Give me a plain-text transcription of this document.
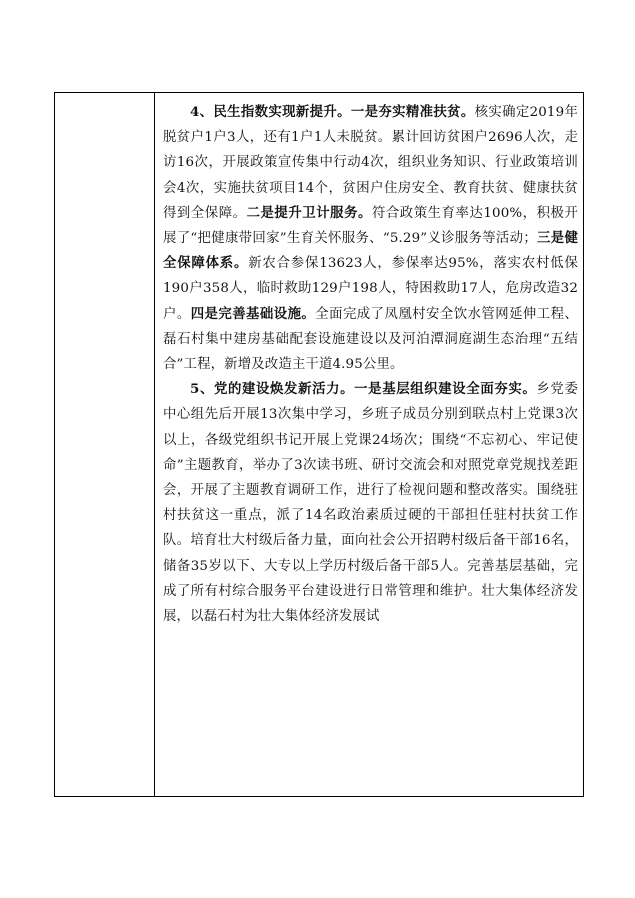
4、民生指数实现新提升。一是夯实精准扶贫。核实确定2019年脱贫户1户3人，还有1户1人未脱贫。累计回访贫困户2696人次，走访16次，开展政策宣传集中行动4次，组织业务知识、行业政策培训会4次，实施扶贫项目14个，贫困户住房安全、教育扶贫、健康扶贫得到全保障。二是提升卫计服务。符合政策生育率达100%，积极开展了“把健康带回家”生育关怀服务、“5.29”义诊服务等活动；三是健全保障体系。新农合参保13623人，参保率达95%，落实农村低保190户358人，临时救助129户198人，特困救助17人，危房改造32户。四是完善基础设施。全面完成了凤凰村安全饮水管网延伸工程、磊石村集中建房基础配套设施建设以及河泊潭洞庭湖生态治理“五结合”工程，新增及改造主干道4.95公里。

5、党的建设焕发新活力。一是基层组织建设全面夯实。乡党委中心组先后开展13次集中学习，乡班子成员分别到联点村上党课3次以上，各级党组织书记开展上党课24场次；围绕“不忘初心、牢记使命”主题教育，举办了3次读书班、研讨交流会和对照党章党规找差距会，开展了主题教育调研工作，进行了检视问题和整改落实。围绕驻村扶贫这一重点，派了14名政治素质过硬的干部担任驻村扶贫工作队。培育壮大村级后备力量，面向社会公开招聘村级后备干部16名，储备35岁以下、大专以上学历村级后备干部5人。完善基层基础，完成了所有村综合服务平台建设进行日常管理和维护。壮大集体经济发展，以磊石村为壮大集体经济发展试
